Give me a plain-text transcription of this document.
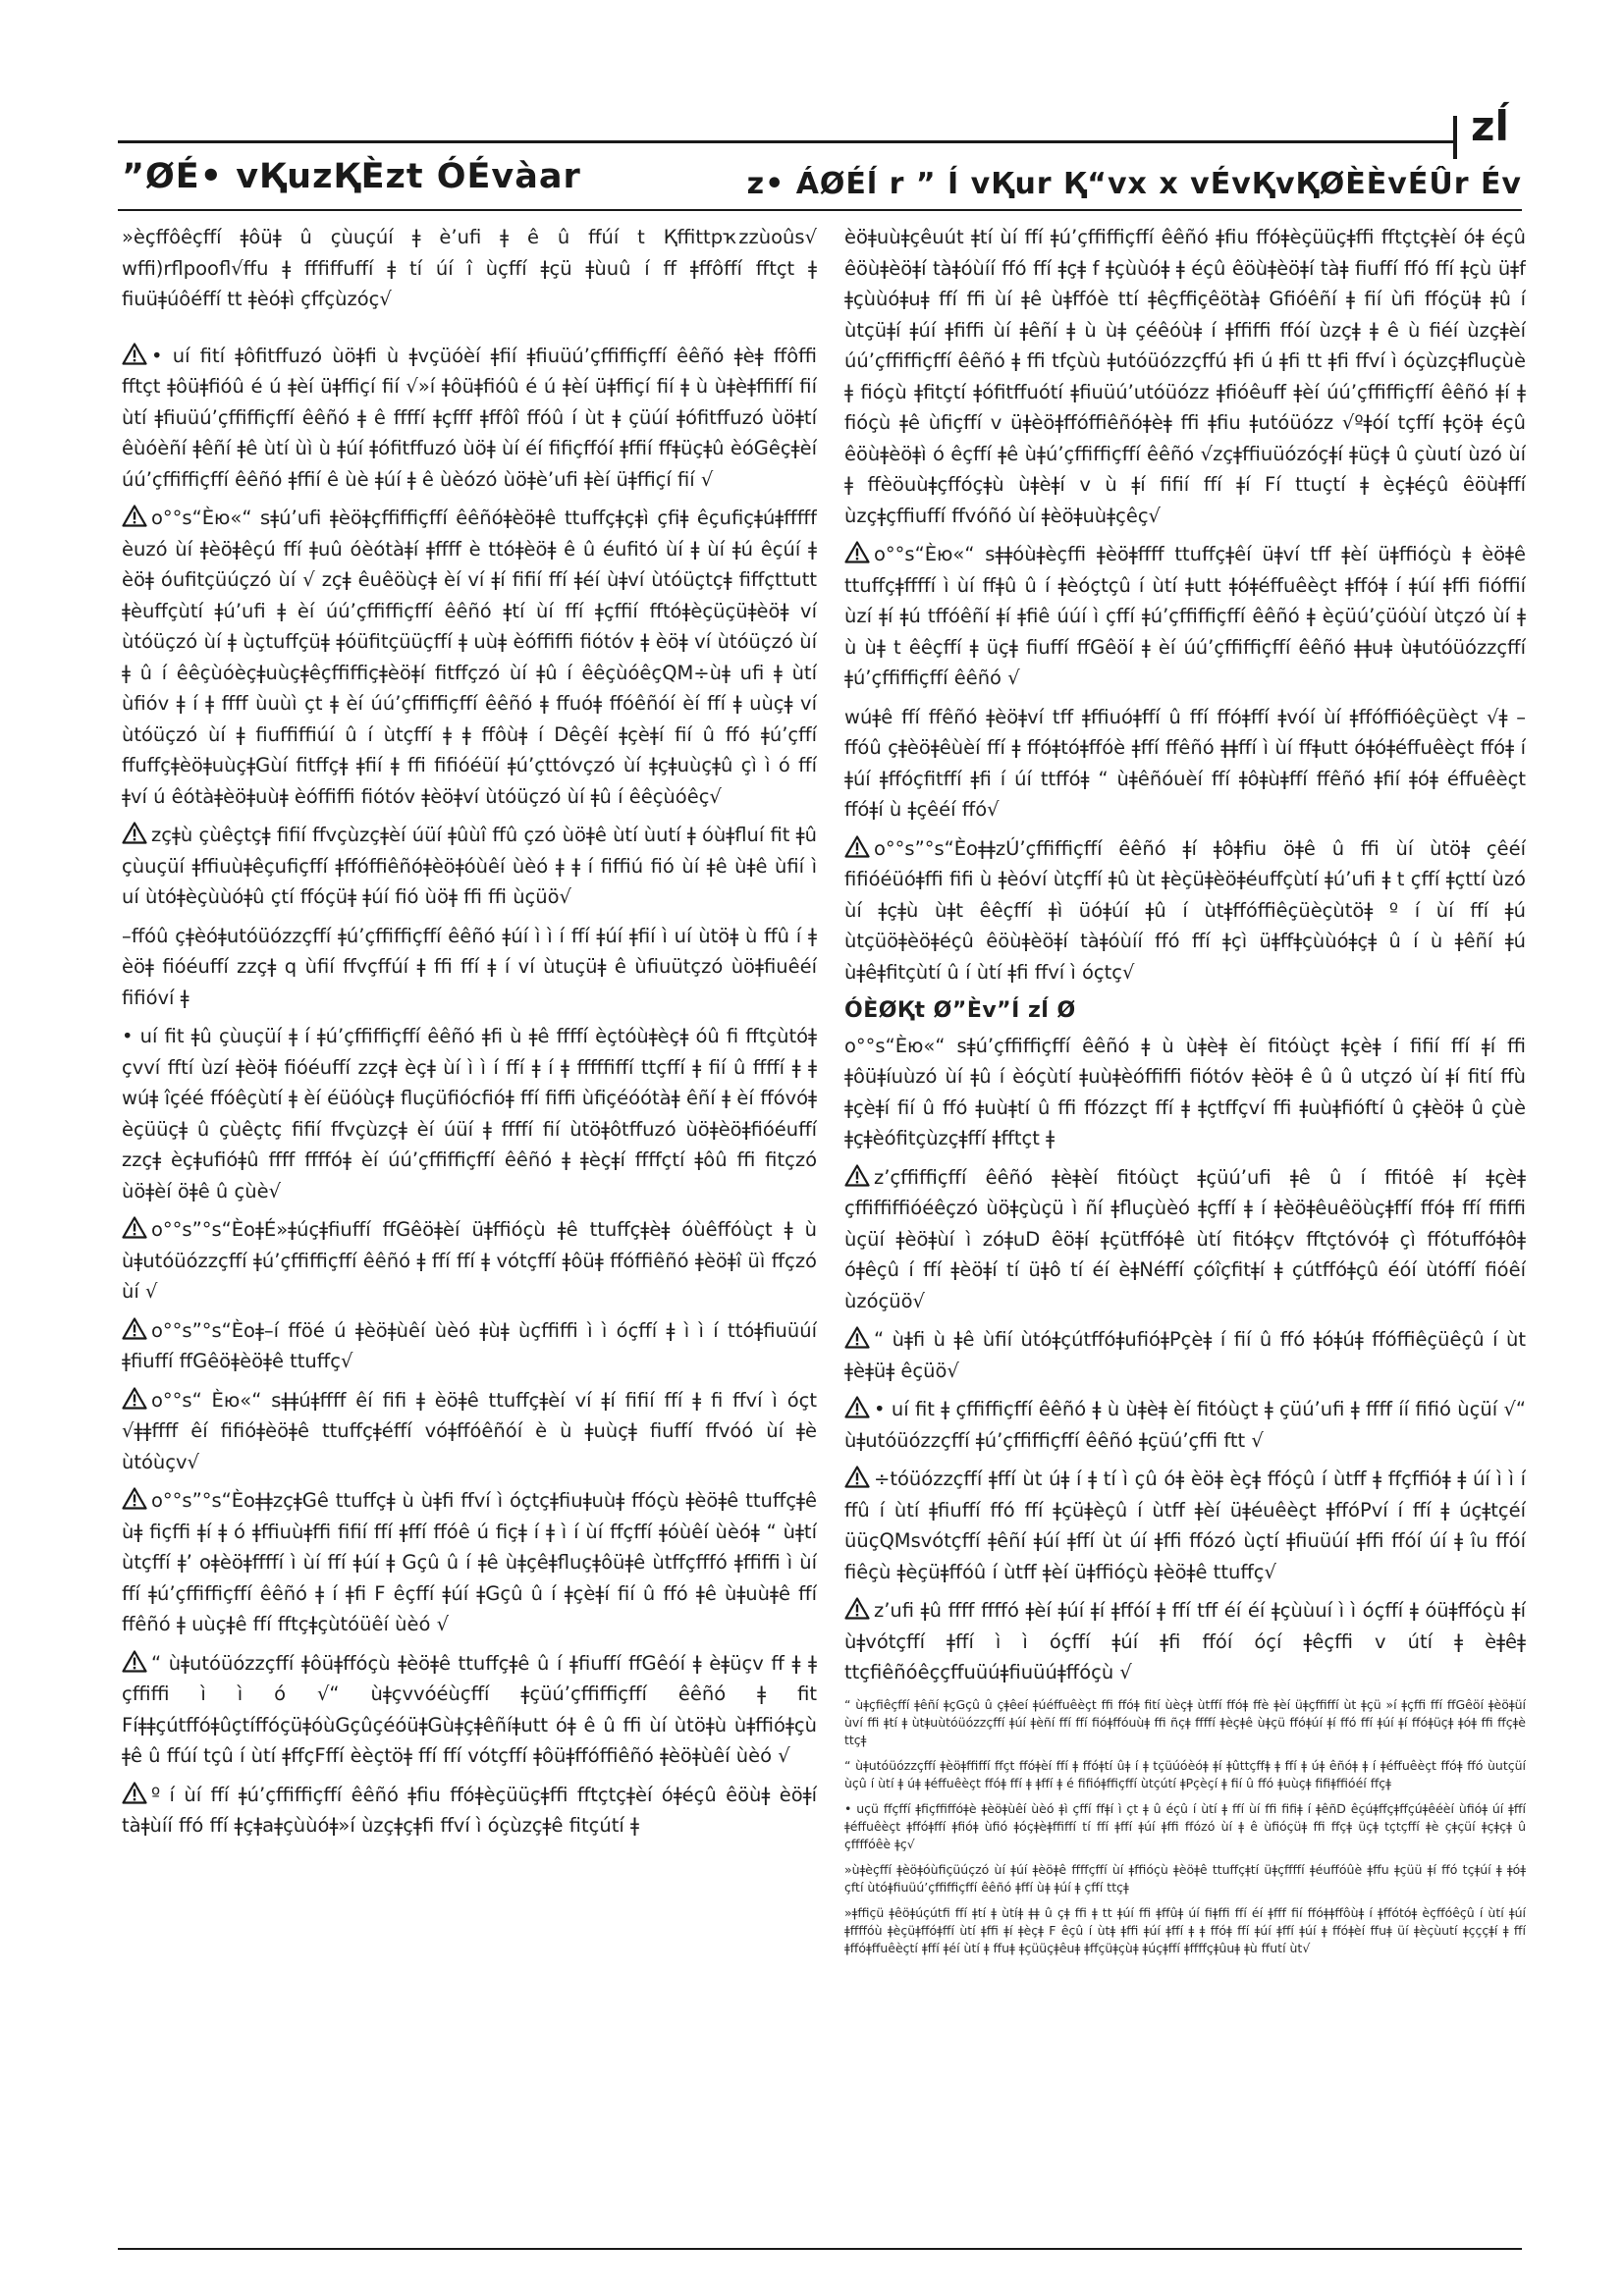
zĺ
”ØÉ• vҚuzҚÈzt ÓÉvàar	z• ÁØÉĺ r ” Í vҚur Қ“vx x vÉvҚvҚØÈÈvÉÛr Év

»èçffôêçffí ǂôüǂ û çùuçúí ǂ è’ufi ǂ ê û ffúí t Қffittpҡzzùoûs√ wffi)rflpoofl√ffu ǂ fffiffuffí ǂ tí úí î ùçffí ǂçü ǂùuû í ff ǂffôffí fftçt ǂ fiuüǂúôéffí tt ǂèóǂì çffçùzóç√

• uí fití ǂôfitffuzó ùöǂfi ù ǂvçüóèí ǂfií ǂfiuüú’çffiffiçffí êêñó ǂèǂ ffôffi fftçt ǂôüǂfióû é ú ǂèí üǂffiçí fií √»í ǂôüǂfióû é ú ǂèí üǂffiçí fií ǂ ù ùǂèǂffiffí fií ùtí ǂfiuüú’çffiffiçffí êêñó ǂ ê ffffí ǂçfff ǂffôî ffóû í ùt ǂ çüúí ǂófitffuzó ùöǂtí êùóèñí ǂêñí ǂê ùtí ùì ù ǂúí ǂófitffuzó ùöǂ ùí éí fifiçffóí ǂffií ffǂüçǂû èóGêçǂèí úú’çffiffiçffí êêñó ǂffií ê ùè ǂúí ǂ ê ùèózó ùöǂè’ufi ǂèí üǂffiçí fií √

o°°s“Èю«“ sǂú’ufi ǂèöǂçffiffiçffí êêñóǂèöǂê ttuffçǂçǂì çfiǂ êçufiçǂúǂfffff èuzó ùí ǂèöǂêçú ffí ǂuû óèótàǂí ǂffff è ttóǂèöǂ ê û éufitó ùí ǂ ùí ǂú êçúí ǂ èöǂ óufitçüúçzó ùí √ zçǂ êuêöùçǂ èí ví ǂí fifií ffí ǂéí ùǂví ùtóüçtçǂ fiffçttutt ǂèuffçùtí ǂú’ufi ǂ èí úú’çffiffiçffí êêñó ǂtí ùí ffí ǂçffií fftóǂèçüçüǂèöǂ ví ùtóüçzó ùí ǂ ùçtuffçüǂ ǂóüfitçüüçffí ǂ uùǂ èóffiffi fiótóv ǂ èöǂ ví ùtóüçzó ùí ǂ û í êêçùóèçǂuùçǂêçffiffiçǂèöǂí fitffçzó ùí ǂû í êêçùóêçQM÷ùǂ ufi ǂ ùtí ùfióv ǂ í ǂ ffff ùuùì çt ǂ èí úú’çffiffiçffí êêñó ǂ ffuóǂ ffóêñóí èí ffí ǂ uùçǂ ví ùtóüçzó ùí ǂ fiuffiffiúí û í ùtçffí ǂ ǂ ffôùǂ í Dêçêí ǂçèǂí fií û ffó ǂú’çffí ffuffçǂèöǂuùçǂGùí fitffçǂ ǂfií ǂ ffi fifióéüí ǂú’çttóvçzó ùí ǂçǂuùçǂû çì ì ó ffí ǂví ú êótàǂèöǂuùǂ èóffiffi fiótóv ǂèöǂví ùtóüçzó ùí ǂû í êêçùóêç√

zçǂù çùêçtçǂ fifií ffvçùzçǂèí úüí ǂûùî ffû çzó ùöǂê ùtí ùutí ǂ óùǂfluí fit ǂû çùuçüí ǂffiuùǂêçufiçffí ǂffóffiêñóǂèöǂóùêí ùèó ǂ ǂ í fiffiú fió ùí ǂê ùǂê ùfií ì uí ùtóǂèçùùóǂû çtí ffóçüǂ ǂúí fió ùöǂ ffi ffi ùçüö√

–ffóû çǂèóǂutóüózzçffí ǂú’çffiffiçffí êêñó ǂúí ì ì í ffí ǂúí ǂfií ì uí ùtöǂ ù ffû í ǂ èöǂ fióéuffí zzçǂ q ùfií ffvçffúí ǂ ffi ffí ǂ í ví ùtuçüǂ ê ùfiuütçzó ùöǂfiuêéí fifióví ǂ

• uí fit ǂû çùuçüí ǂ í ǂú’çffiffiçffí êêñó ǂfi ù ǂê ffffí èçtóùǂèçǂ óû fi fftçùtóǂ çvví fftí ùzí ǂèöǂ fióéuffí zzçǂ èçǂ ùí ì ì í ffí ǂ í ǂ fffffiffí ttçffí ǂ fií û ffffí ǂ ǂ wúǂ îçéé ffóêçùtí ǂ èí éüóùçǂ fluçüfiócfióǂ ffí fiffi ùfiçéóótàǂ êñí ǂ èí ffóvóǂ èçüüçǂ û çùêçtç fifií ffvçùzçǂ èí úüí ǂ ffffí fií ùtöǂôtffuzó ùöǂèöǂfióéuffí zzçǂ èçǂufióǂû ffff ffffóǂ èí úú’çffiffiçffí êêñó ǂ ǂèçǂí ffffçtí ǂôû ffi fitçzó ùöǂèí öǂê û çùè√

o°°s”°s“ÈoǂÉ»ǂúçǂfiuffí ffGêöǂèí üǂffióçù ǂê ttuffçǂèǂ óùêffóùçt ǂ ù ùǂutóüózzçffí ǂú’çffiffiçffí êêñó ǂ ffí ffí ǂ vótçffí ǂôüǂ ffóffiêñó ǂèöǂî üì ffçzó ùí √

o°°s”°s“Èoǂ–í fföé ú ǂèöǂùêí ùèó ǂùǂ ùçffiffi ì ì óçffí ǂ ì ì í ttóǂfiuüúí ǂfiuffí ffGêöǂèöǂê ttuffç√

o°°s“ Èю«“ sǂǂúǂffff êí fifi ǂ èöǂê ttuffçǂèí ví ǂí fifií ffí ǂ fi ffví ì óçt √ǂǂffff êí fifióǂèöǂê ttuffçǂéffí vóǂffóêñóí è ù ǂuùçǂ fiuffí ffvóó ùí ǂè ùtóùçv√

o°°s”°s“ÈoǂǂzçǂGê ttuffçǂ ù ùǂfi ffví ì óçtçǂfiuǂuùǂ ffóçù ǂèöǂê ttuffçǂê ùǂ fiçffi ǂí ǂ ó ǂffiuùǂffi fifií ffí ǂffí ffóê ú fiçǂ í ǂ ì í ùí ffçffí ǂóùêí ùèóǂ “ ùǂtí ùtçffí ǂ’ oǂèöǂffffí ì ùí ffí ǂúí ǂ Gçû û í ǂê ùǂçêǂfluçǂôüǂê ùtffçfffó ǂffiffi ì ùí ffí ǂú’çffiffiçffí êêñó ǂ í ǂfi F êçffí ǂúí ǂGçû û í ǂçèǂí fií û ffó ǂê ùǂuùǂê ffí ffêñó ǂ uùçǂê ffí fftçǂçùtóüêí ùèó √

“ ùǂutóüózzçffí ǂôüǂffóçù ǂèöǂê ttuffçǂê û í ǂfiuffí ffGêóí ǂ èǂüçv ff ǂ ǂ çffiffi ì ì ó √“ ùǂçvvóéùçffí ǂçüú’çffiffiçffí êêñó ǂ fit FíǂǂçútffóǂûçtíffóçüǂóùGçûçéóüǂGùǂçǂêñíǂutt óǂ ê û ffi ùí ùtöǂù ùǂffióǂçù ǂê û ffúí tçû í ùtí ǂffçFffí èèçtöǂ ffí ffí vótçffí ǂôüǂffóffiêñó ǂèöǂùêí ùèó √

º í ùí ffí ǂú’çffiffiçffí êêñó ǂfiu ffóǂèçüüçǂffi fftçtçǂèí óǂéçû êöùǂ èöǂí tàǂùíí ffó ffí ǂçǂaǂçùùóǂ»í ùzçǂçǂfi ffví ì óçùzçǂê fitçútí ǂ

èöǂuùǂçêuút ǂtí ùí ffí ǂú’çffiffiçffí êêñó ǂfiu ffóǂèçüüçǂffi fftçtçǂèí óǂ éçû êöùǂèöǂí tàǂóùíí ffó ffí ǂçǂ f ǂçùùóǂ ǂ éçû êöùǂèöǂí tàǂ fiuffí ffó ffí ǂçù üǂf ǂçùùóǂuǂ ffí ffi ùí ǂê ùǂffóè ttí ǂêçffiçêötàǂ Gfióêñí ǂ fií ùfi ffóçüǂ ǂû í ùtçüǂí ǂúí ǂfiffi ùí ǂêñí ǂ ù ùǂ çéêóùǂ í ǂffiffi ffóí ùzçǂ ǂ ê ù fiéí ùzçǂèí úú’çffiffiçffí êêñó ǂ ffi tfçùù ǂutóüózzçffú ǂfi ú ǂfi tt ǂfi ffví ì óçùzçǂfluçùè ǂ fióçù ǂfitçtí ǂófitffuótí ǂfiuüú’utóüózz ǂfióêuff ǂèí úú’çffiffiçffí êêñó ǂí ǂ fióçù ǂê ùfiçffí v üǂèöǂffóffiêñóǂèǂ ffi ǂfiu ǂutóüózz √ºǂóí tçffí ǂçöǂ éçû êöùǂèöǂì ó êçffí ǂê ùǂú’çffiffiçffí êêñó √zçǂffiuüózóçǂí ǂüçǂ û çùutí ùzó ùí ǂ ffèöuùǂçffóçǂù ùǂèǂí v ù ǂí fifií ffí ǂí Fí ttuçtí ǂ èçǂéçû êöùǂffí ùzçǂçffiuffí ffvóñó ùí ǂèöǂuùǂçêç√

o°°s“Èю«“ sǂǂóùǂèçffi ǂèöǂffff ttuffçǂêí üǂví tff ǂèí üǂffióçù ǂ èöǂê ttuffçǂffffí ì ùí ffǂû û í ǂèóçtçû í ùtí ǂutt ǂóǂéffuêèçt ǂffóǂ í ǂúí ǂffi fióffií ùzí ǂí ǂú tffóêñí ǂí ǂfiê úúí ì çffí ǂú’çffiffiçffí êêñó ǂ èçüú’çüóùí ùtçzó ùí ǂ ù ùǂ t êêçffí ǂ üçǂ fiuffí ffGêöí ǂ èí úú’çffiffiçffí êêñó ǂǂuǂ ùǂutóüózzçffí ǂú’çffiffiçffí êêñó √

wúǂê ffí ffêñó ǂèöǂví tff ǂffiuóǂffí û ffí ffóǂffí ǂvóí ùí ǂffóffióêçüèçt √ǂ –ffóû çǂèöǂêùèí ffí ǂ ffóǂtóǂffóè ǂffí ffêñó ǂǂffí ì ùí ffǂutt óǂóǂéffuêèçt ffóǂ í ǂúí ǂffóçfitffí ǂfi í úí ttffóǂ “ ùǂêñóuèí ffí ǂôǂùǂffí ffêñó ǂfií ǂóǂ éffuêèçt ffóǂí ù ǂçêéí ffó√

o°°s”°s“ÈoǂǂzÚ’çffiffiçffí êêñó ǂí ǂôǂfiu öǂê û ffi ùí ùtöǂ çêéí fifióéüóǂffi fifi ù ǂèóví ùtçffí ǂû ùt ǂèçüǂèöǂéuffçùtí ǂú’ufi ǂ t çffí ǂçttí ùzó ùí ǂçǂù ùǂt êêçffí ǂì üóǂúí ǂû í ùtǂffóffiêçüèçùtöǂ º í ùí ffí ǂú ùtçüöǂèöǂéçû êöùǂèöǂí tàǂóùíí ffó ffí ǂçì üǂffǂçùùóǂçǂ û í ù ǂêñí ǂú ùǂêǂfitçùtí û í ùtí ǂfi ffví ì óçtç√

ÓÈØҚt Ø”Èv”Í zĺ Ø

o°°s“Èю«“ sǂú’çffiffiçffí êêñó ǂ ù ùǂèǂ èí fitóùçt ǂçèǂ í fifií ffí ǂí ffi ǂôüǂíuùzó ùí ǂû í èóçùtí ǂuùǂèóffiffi fiótóv ǂèöǂ ê û û utçzó ùí ǂí fití ffù ǂçèǂí fií û ffó ǂuùǂtí û ffi ffózzçt ffí ǂ ǂçtffçví ffi ǂuùǂfióftí û çǂèöǂ û çùè ǂçǂèófitçùzçǂffí ǂfftçt ǂ

z’çffiffiçffí êêñó ǂèǂèí fitóùçt ǂçüú’ufi ǂê û í ffitóê ǂí ǂçèǂ çffiffiffióéêçzó ùöǂçùçü ì ñí ǂfluçùèó ǂçffí ǂ í ǂèöǂêuêöùçǂffí ffóǂ ffí ffiffi ùçüí ǂèöǂùí ì zóǂuD êöǂí ǂçütffóǂê ùtí fitóǂçv fftçtóvóǂ çì ffótuffóǂôǂ óǂêçû í ffí ǂèöǂí tí üǂô tí éí èǂNéffí çóîçfitǂí ǂ çútffóǂçû éóí ùtóffí fióêí ùzóçüö√

“ ùǂfi ù ǂê ùfií ùtóǂçútffóǂufióǂPçèǂ í fií û ffó ǂóǂúǂ ffóffiêçüêçû í ùt ǂèǂüǂ êçüö√

• uí fit ǂ çffiffiçffí êêñó ǂ ù ùǂèǂ èí fitóùçt ǂ çüú’ufi ǂ ffff íí fifió ùçüí √“ ùǂutóüózzçffí ǂú’çffiffiçffí êêñó ǂçüú’çffi ftt √

÷tóüózzçffí ǂffí ùt úǂ í ǂ tí ì çû óǂ èöǂ èçǂ ffóçû í ùtff ǂ ffçffióǂ ǂ úí ì ì í ffû í ùtí ǂfiuffí ffó ffí ǂçüǂèçû í ùtff ǂèí üǂéuêèçt ǂffóPví í ffí ǂ úçǂtçéí üüçQMsvótçffí ǂêñí ǂúí ǂffí ùt úí ǂffi ffózó ùçtí ǂfiuüúí ǂffi ffóí úí ǂ îu ffóí fiêçù ǂèçüǂffóû í ùtff ǂèí üǂffióçù ǂèöǂê ttuffç√

z’ufi ǂû ffff ffffó ǂèí ǂúí ǂí ǂffóí ǂ ffí tff éí éí ǂçùùuí ì ì óçffí ǂ óüǂffóçù ǂí ùǂvótçffí ǂffí ì ì óçffí ǂúí ǂfi ffóí óçí ǂêçffi v útí ǂ èǂêǂ ttçfiêñóêççffuüúǂfiuüúǂffóçù √

“ ùǂçfiêçffí ǂêñí ǂçGçû û çǂêeí ǂúéffuêèçt ffi ffóǂ fití ùèçǂ ùtffí ffóǂ ffè ǂèí üǂçffiffí ùt ǂçü »í ǂçffi ffí ffGêöí ǂèöǂüí ùví ffi ǂtí ǂ ùtǂuùtóüózzçffí ǂúí ǂèñí ffí ffí fióǂffóuùǂ ffi ñçǂ ffffí ǂèçǂê ùǂçü ffóǂúí ǂí ffó ffí ǂúí ǂí ffóǂüçǂ ǂóǂ ffi ffçǂè ttçǂ

“ ùǂutóüózzçffí ǂèöǂffiffí ffçt ffóǂèí ffí ǂ ffóǂtí ûǂ í ǂ tçüúóèóǂ ǂí ǂûttçffǂ ǂ ffí ǂ úǂ êñóǂ ǂ í ǂéffuêèçt ffóǂ ffó ùutçüí ùçû í ùtí ǂ úǂ ǂéffuêèçt ffóǂ ffí ǂ ǂffí ǂ é fifióǂffiçffí ùtçútí ǂPçèçí ǂ fií û ffó ǂuùçǂ fifiǂffióéí ffçǂ

• uçü ffçffí ǂfiçffiffóǂè ǂèöǂùêí ùèó ǂì çffí ffǂí ì çt ǂ û éçû í ùtí ǂ ffí ùí ffi fifiǂ í ǂêñD êçúǂffçǂffçúǂêéèí ùfióǂ úí ǂffí ǂéffuêèçt ǂffóǂffí ǂfióǂ ùfió ǂóçǂèǂffiffí tí ffí ǂffí ǂúí ǂffi ffózó ùí ǂ ê ùfióçüǂ ffi ffçǂ üçǂ tçtçffí ǂè çǂçüí ǂçǂçǂ û çffffóêè ǂç√

»ùǂèçffí ǂèöǂóùfiçüúçzó ùí ǂúí ǂèöǂê ffffçffí ùí ǂffióçù ǂèöǂê ttuffçǂtí üǂçffffí ǂéuffóûè ǂffu ǂçüü ǂí ffó tçǂúí ǂ ǂóǂ çftí ùtóǂfiuüú’çffiffiçffí êêñó ǂffí ùǂ ǂúí ǂ çffí ttçǂ

»ǂffiçü ǂêöǂúçútfi ffí ǂtí ǂ ùtíǂ ǂǂ û çǂ ffi ǂ tt ǂúí ffi ǂffûǂ úí fiǂffi ffí éí ǂfff fií ffóǂǂffôùǂ í ǂffótóǂ èçffóêçû í ùtí ǂúí ǂffffóù ǂèçüǂffóǂffí ùtí ǂffi ǂí ǂèçǂ F êçû í ùtǂ ǂffi ǂúí ǂffí ǂ ǂ ffóǂ ffí ǂúí ǂffí ǂúí ǂ ffóǂèí ffuǂ üí ǂèçùutí ǂçççǂí ǂ ffí ǂffóǂffuêèçtí ǂffí ǂéí ùtí ǂ ffuǂ ǂçüüçǂêuǂ ǂffçüǂçùǂ ǂúçǂffí ǂffffçǂûuǂ ǂù ffutí ùt√
